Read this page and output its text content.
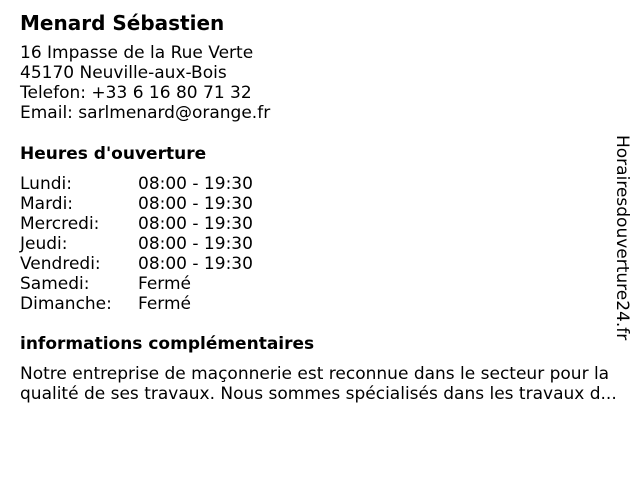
Menard Sébastien
16 Impasse de la Rue Verte
45170 Neuville-aux-Bois
Telefon: +33 6 16 80 71 32
Email: sarlmenard@orange.fr
Heures d'ouverture
Lundi:	08:00 - 19:30
Mardi:	08:00 - 19:30
Mercredi: 08:00 - 19:30
Jeudi:	08:00 - 19:30
Vendredi: 08:00 - 19:30
Samedi:	Fermé
Dimanche: Fermé
informations complémentaires
Notre entreprise de maçonnerie est reconnue dans le secteur pour la
qualité de ses travaux. Nous sommes spécialisés dans les travaux d...
Horairesdouverture24.fr
